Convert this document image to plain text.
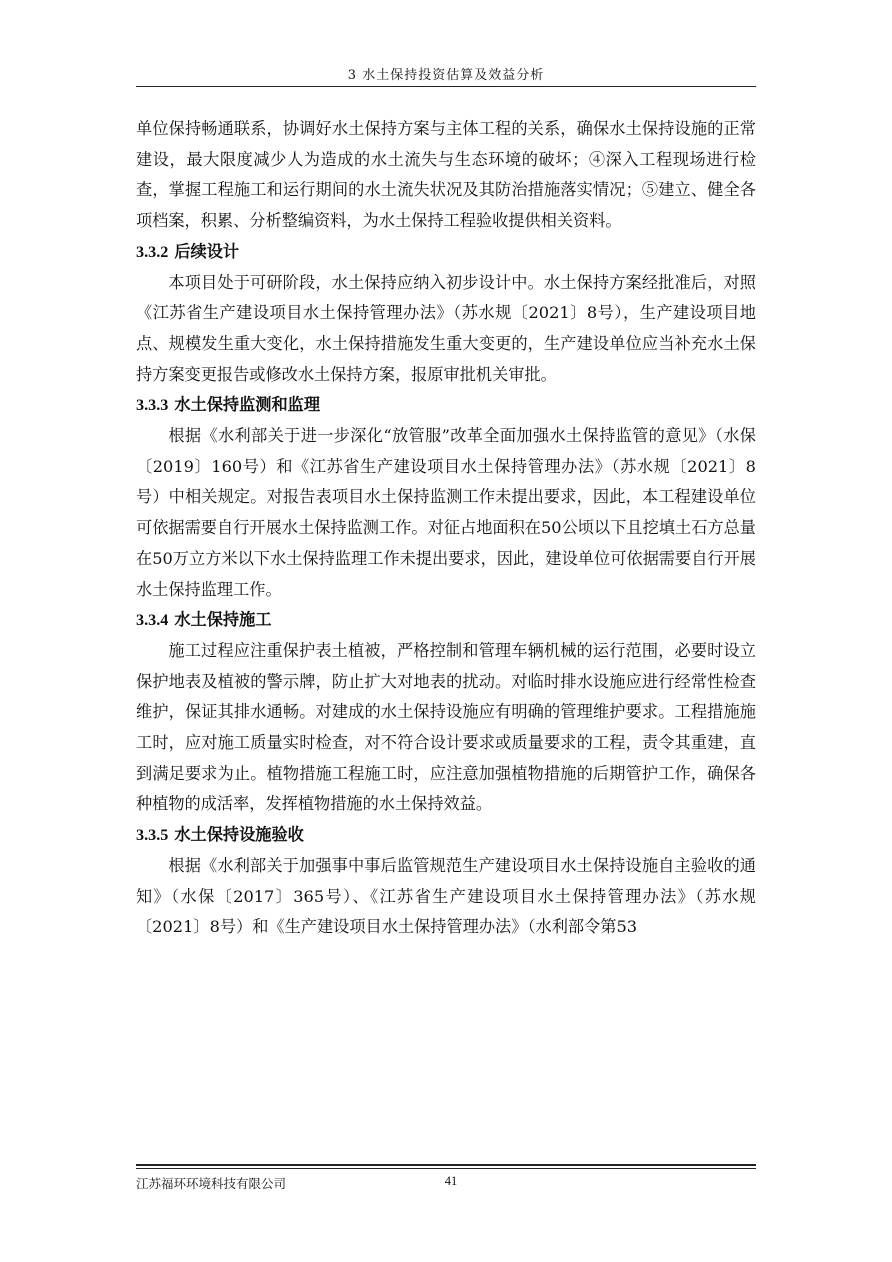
3 水土保持投资估算及效益分析

单位保持畅通联系，协调好水土保持方案与主体工程的关系，确保水土保持设施的正常建设，最大限度减少人为造成的水土流失与生态环境的破坏；④深入工程现场进行检查，掌握工程施工和运行期间的水土流失状况及其防治措施落实情况；⑤建立、健全各项档案，积累、分析整编资料，为水土保持工程验收提供相关资料。

3.3.2 后续设计

本项目处于可研阶段，水土保持应纳入初步设计中。水土保持方案经批准后，对照《江苏省生产建设项目水土保持管理办法》（苏水规〔2021〕8号），生产建设项目地点、规模发生重大变化，水土保持措施发生重大变更的，生产建设单位应当补充水土保持方案变更报告或修改水土保持方案，报原审批机关审批。

3.3.3 水土保持监测和监理

根据《水利部关于进一步深化“放管服”改革全面加强水土保持监管的意见》（水保〔2019〕160号）和《江苏省生产建设项目水土保持管理办法》（苏水规〔2021〕8号）中相关规定。对报告表项目水土保持监测工作未提出要求，因此，本工程建设单位可依据需要自行开展水土保持监测工作。对征占地面积在50公顷以下且挖填土石方总量在50万立方米以下水土保持监理工作未提出要求，因此，建设单位可依据需要自行开展水土保持监理工作。

3.3.4 水土保持施工

施工过程应注重保护表土植被，严格控制和管理车辆机械的运行范围，必要时设立保护地表及植被的警示牌，防止扩大对地表的扰动。对临时排水设施应进行经常性检查维护，保证其排水通畅。对建成的水土保持设施应有明确的管理维护要求。工程措施施工时，应对施工质量实时检查，对不符合设计要求或质量要求的工程，责令其重建，直到满足要求为止。植物措施工程施工时，应注意加强植物措施的后期管护工作，确保各种植物的成活率，发挥植物措施的水土保持效益。

3.3.5 水土保持设施验收

根据《水利部关于加强事中事后监管规范生产建设项目水土保持设施自主验收的通知》（水保〔2017〕365号）、《江苏省生产建设项目水土保持管理办法》（苏水规〔2021〕8号）和《生产建设项目水土保持管理办法》（水利部令第53

江苏福环环境科技有限公司	41
